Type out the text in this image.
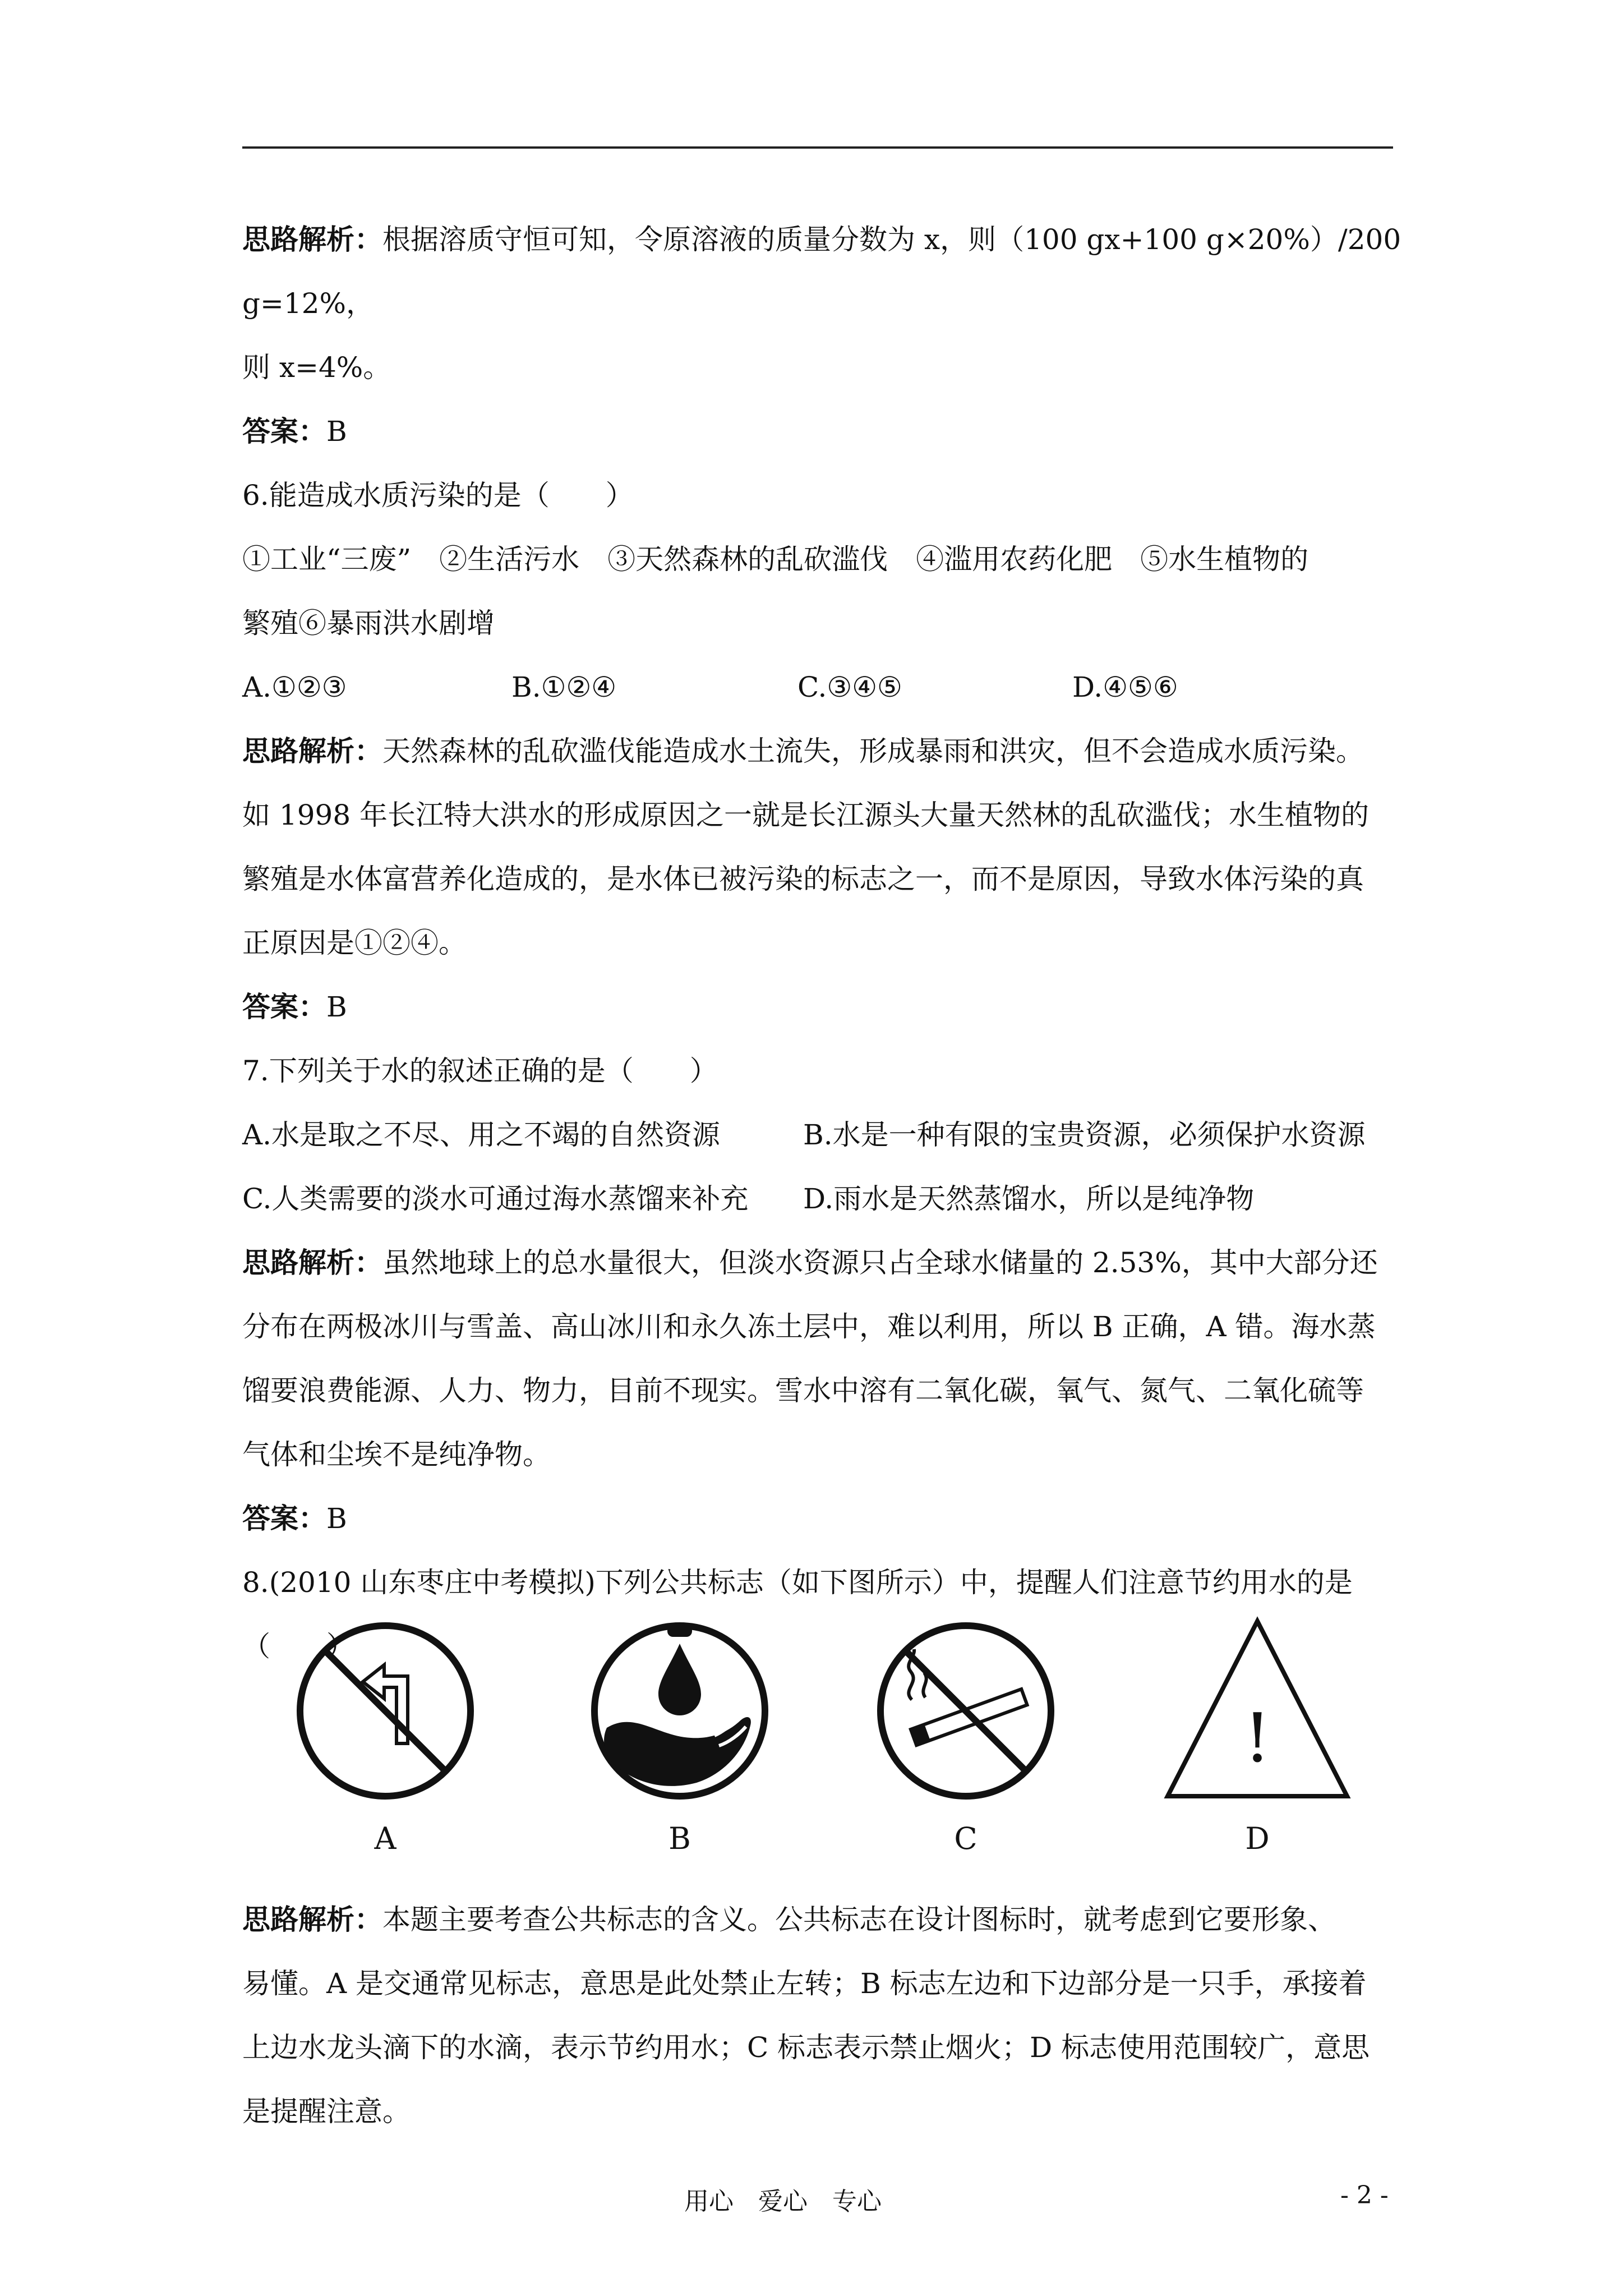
思路解析：根据溶质守恒可知，令原溶液的质量分数为 x，则（100 gx+100 g×20%）/200 g=12%，

则 x=4%。

答案：B

6.能造成水质污染的是（　　）

①工业“三废”　②生活污水　③天然森林的乱砍滥伐　④滥用农药化肥　⑤水生植物的

繁殖⑥暴雨洪水剧增

A.①②③	B.①②④	C.③④⑤	D.④⑤⑥

思路解析：天然森林的乱砍滥伐能造成水土流失，形成暴雨和洪灾，但不会造成水质污染。

如 1998 年长江特大洪水的形成原因之一就是长江源头大量天然林的乱砍滥伐；水生植物的

繁殖是水体富营养化造成的，是水体已被污染的标志之一，而不是原因，导致水体污染的真

正原因是①②④。

答案：B

7.下列关于水的叙述正确的是（　　）

A.水是取之不尽、用之不竭的自然资源	B.水是一种有限的宝贵资源，必须保护水资源
C.人类需要的淡水可通过海水蒸馏来补充	D.雨水是天然蒸馏水，所以是纯净物

思路解析：虽然地球上的总水量很大，但淡水资源只占全球水储量的 2.53%，其中大部分还

分布在两极冰川与雪盖、高山冰川和永久冻土层中，难以利用，所以 B 正确，A 错。海水蒸

馏要浪费能源、人力、物力，目前不现实。雪水中溶有二氧化碳，氧气、氮气、二氧化硫等

气体和尘埃不是纯净物。

答案：B

8.(2010 山东枣庄中考模拟)下列公共标志（如下图所示）中，提醒人们注意节约用水的是

（　　）

A	B	C
!
D

思路解析：本题主要考查公共标志的含义。公共标志在设计图标时，就考虑到它要形象、

易懂。A 是交通常见标志，意思是此处禁止左转；B 标志左边和下边部分是一只手，承接着

上边水龙头滴下的水滴，表示节约用水；C 标志表示禁止烟火；D 标志使用范围较广，意思

是提醒注意。

用心　爱心　专心	- 2 -
